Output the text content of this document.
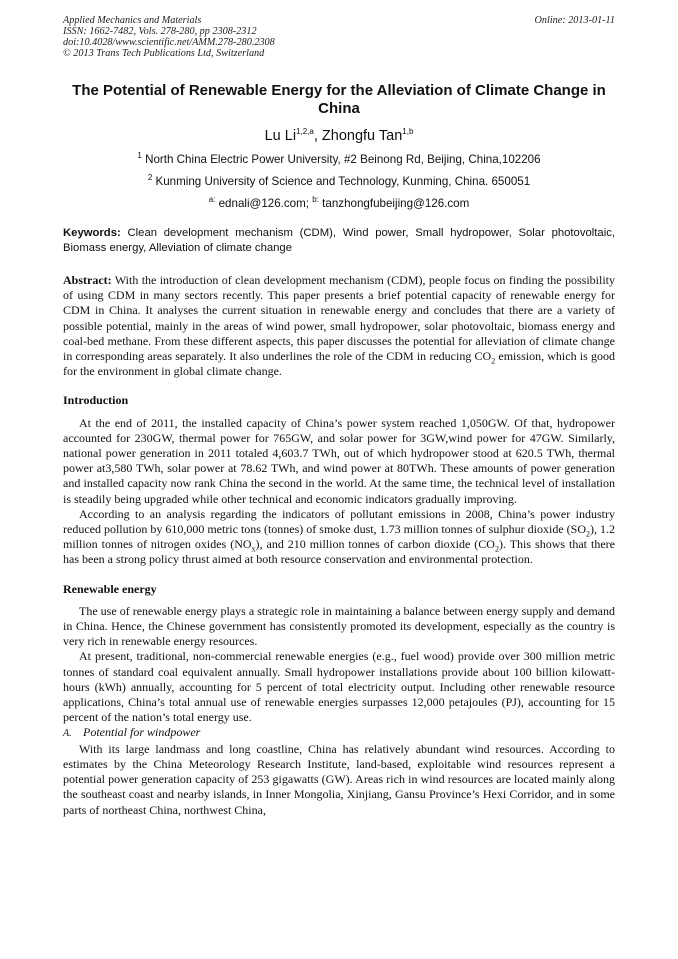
Applied Mechanics and Materials
ISSN: 1662-7482, Vols. 278-280, pp 2308-2312
doi:10.4028/www.scientific.net/AMM.278-280.2308
© 2013 Trans Tech Publications Ltd, Switzerland
Online: 2013-01-11
The Potential of Renewable Energy for the Alleviation of Climate Change in China
Lu Li$^{1,2,a}$, Zhongfu Tan$^{1,b}$
$^1$ North China Electric Power University, #2 Beinong Rd, Beijing, China,102206
$^2$ Kunming University of Science and Technology, Kunming, China. 650051
$^{a:}$ ednali@126.com; $^{b:}$ tanzhongfubeijing@126.com
Keywords: Clean development mechanism (CDM), Wind power, Small hydropower, Solar photovoltaic, Biomass energy, Alleviation of climate change

Abstract: With the introduction of clean development mechanism (CDM), people focus on finding the possibility of using CDM in many sectors recently. This paper presents a brief potential capacity of renewable energy for CDM in China. It analyses the current situation in renewable energy and concludes that there are a variety of possible potential, mainly in the areas of wind power, small hydropower, solar photovoltaic, biomass energy and coal-bed methane. From these different aspects, this paper discusses the potential for alleviation of climate change in corresponding areas separately. It also underlines the role of the CDM in reducing $CO_2$ emission, which is good for the environment in global climate change.

Introduction

At the end of 2011, the installed capacity of China’s power system reached 1,050GW. Of that, hydropower accounted for 230GW, thermal power for 765GW, and solar power for 3GW,wind power for 47GW. Similarly, national power generation in 2011 totaled 4,603.7 TWh, out of which hydropower stood at 620.5 TWh, thermal power at3,580 TWh, solar power at 78.62 TWh, and wind power at 80TWh. These amounts of power generation and installed capacity now rank China the second in the world. At the same time, the technical level of installation is steadily being upgraded while other technical and economic indicators gradually improving.

According to an analysis regarding the indicators of pollutant emissions in 2008, China’s power industry reduced pollution by 610,000 metric tons (tonnes) of smoke dust, 1.73 million tonnes of sulphur dioxide $(SO_2)$, 1.2 million tonnes of nitrogen oxides $(NO_x)$, and 210 million tonnes of carbon dioxide $(CO_2)$. This shows that there has been a strong policy thrust aimed at both resource conservation and environmental protection.

Renewable energy

The use of renewable energy plays a strategic role in maintaining a balance between energy supply and demand in China. Hence, the Chinese government has consistently promoted its development, especially as the country is very rich in renewable energy resources.

At present, traditional, non-commercial renewable energies (e.g., fuel wood) provide over 300 million metric tonnes of standard coal equivalent annually. Small hydropower installations provide about 100 billion kilowatt-hours (kWh) annually, accounting for 5 percent of total electricity output. Including other renewable resource applications, China’s total annual use of renewable energies surpasses 12,000 petajoules (PJ), accounting for 15 percent of the nation’s total energy use.

A. Potential for windpower

With its large landmass and long coastline, China has relatively abundant wind resources. According to estimates by the China Meteorology Research Institute, land-based, exploitable wind resources represent a potential power generation capacity of 253 gigawatts (GW). Areas rich in wind resources are located mainly along the southeast coast and nearby islands, in Inner Mongolia, Xinjiang, Gansu Province’s Hexi Corridor, and in some parts of northeast China, northwest China,
